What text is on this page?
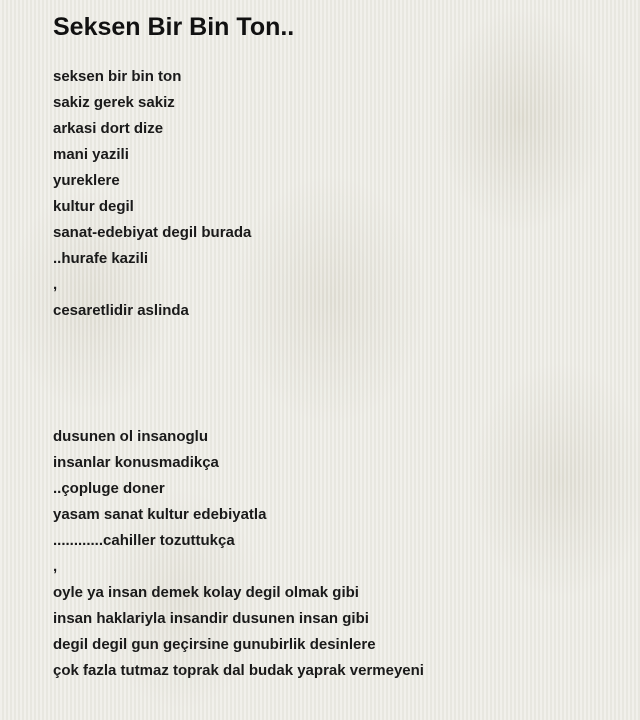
Seksen Bir Bin Ton..
seksen bir bin ton
sakiz gerek sakiz
arkasi dort dize
mani yazili
yureklere
kultur degil
sanat-edebiyat degil burada
..hurafe kazili
,
cesaretlidir aslinda
dusunen ol insanoglu
insanlar konusmadikça
..çopluge doner
yasam sanat kultur edebiyatla
............cahiller tozuttukça
,
oyle ya insan demek kolay degil olmak gibi
insan haklariyla insandir dusunen insan gibi
degil degil gun geçirsine gunubirlik desinlere
çok fazla tutmaz toprak dal budak yaprak vermeyeni
